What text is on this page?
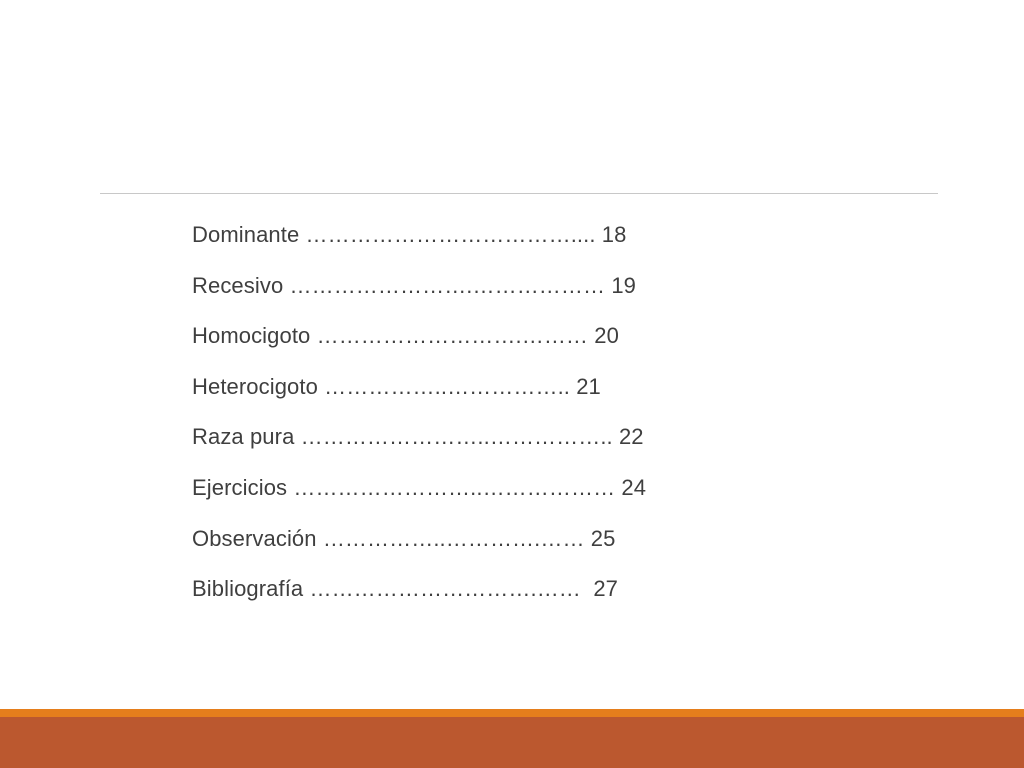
Dominante ……………………………….... 18
Recesivo …………………….……………… 19
Homocigoto ……………………….……… 20
Heterocigoto ……………..…………….. 21
Raza pura ……………………..…………….. 22
Ejercicios ……………………..……………… 24
Observación ……………..………….…… 25
Bibliografía ………………………….……  27
